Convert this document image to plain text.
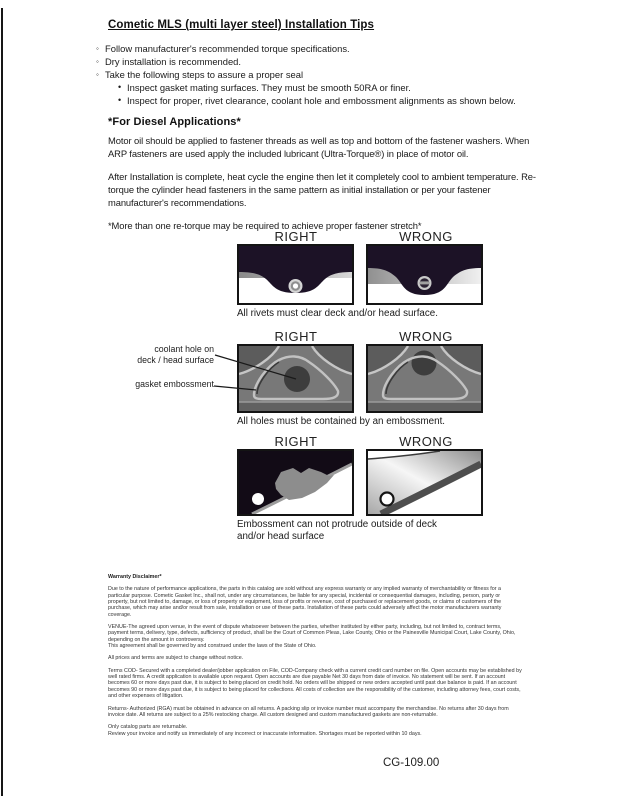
Cometic MLS (multi layer steel) Installation Tips
◦ Follow manufacturer's recommended torque specifications.
◦ Dry installation is recommended.
◦ Take the following steps to assure a proper seal
• Inspect gasket mating surfaces. They must be smooth 50RA or finer.
• Inspect for proper, rivet clearance, coolant hole and embossment alignments as shown below.
*For Diesel Applications*

Motor oil should be applied to fastener threads as well as top and bottom of the fastener washers. When ARP fasteners are used apply the included lubricant (Ultra-Torque®) in place of motor oil.

After Installation is complete, heat cycle the engine then let it completely cool to ambient temperature. Re-torque the cylinder head fasteners in the same pattern as initial installation or per your fastener manufacturer's recommendations.

*More than one re-torque may be required to achieve proper fastener stretch*

RIGHT	WRONG
All rivets must clear deck and/or head surface.
RIGHT	WRONG
All holes must be contained by an embossment.
coolant hole on
deck / head surface
gasket embossment
RIGHT	WRONG
Embossment can not protrude outside of deck
and/or head surface
Warranty Disclaimer*
Due to the nature of performance applications, the parts in this catalog are sold without any express warranty or any implied warranty of merchantability or fitness for a particular purpose. Cometic Gasket Inc., shall not, under any circumstances, be liable for any special, incidental or consequential damages, including, person, party or property, but not limited to, damage, or loss of property or equipment, loss of profits or revenue, cost of purchased or replacement goods, or claims of customers of the purchase, which may arise and/or result from sale, installation or use of these parts. Installation of these parts could adversely affect the motor manufacturers warranty coverage.
VENUE-The agreed upon venue, in the event of dispute whatsoever between the parties, whether instituted by either party, including, but not limited to, contract terms, payment terms, delivery, type, defects, sufficiency of product, shall be the Court of Common Pleas, Lake County, Ohio or the Painesville Municipal Court, Lake County, Ohio, depending on the amount in controversy.
This agreement shall be governed by and construed under the laws of the State of Ohio.
All prices and terms are subject to change without notice.
Terms COD- Secured with a completed dealer/jobber application on File, COD-Company check with a current credit card number on file. Open accounts may be established by well rated firms. A credit application is available upon request. Open accounts are due payable Net 30 days from date of invoice. No statement will be sent. If an account becomes 60 or more days past due, it is subject to being placed on credit hold. No orders will be shipped or new orders accepted until past due balance is paid. If an account becomes 90 or more days past due, it is subject to being placed for collections. All costs of collection are the responsibility of the customer, including attorney fees, court costs, and other expenses of litigation.
Returns- Authorized (RGA) must be obtained in advance on all returns. A packing slip or invoice number must accompany the merchandise. No returns after 30 days from invoice date. All returns are subject to a 25% restocking charge. All custom designed and custom manufactured gaskets are non-returnable.
Only catalog parts are returnable.
Review your invoice and notify us immediately of any incorrect or inaccurate information. Shortages must be reported within 10 days.
CG-109.00
